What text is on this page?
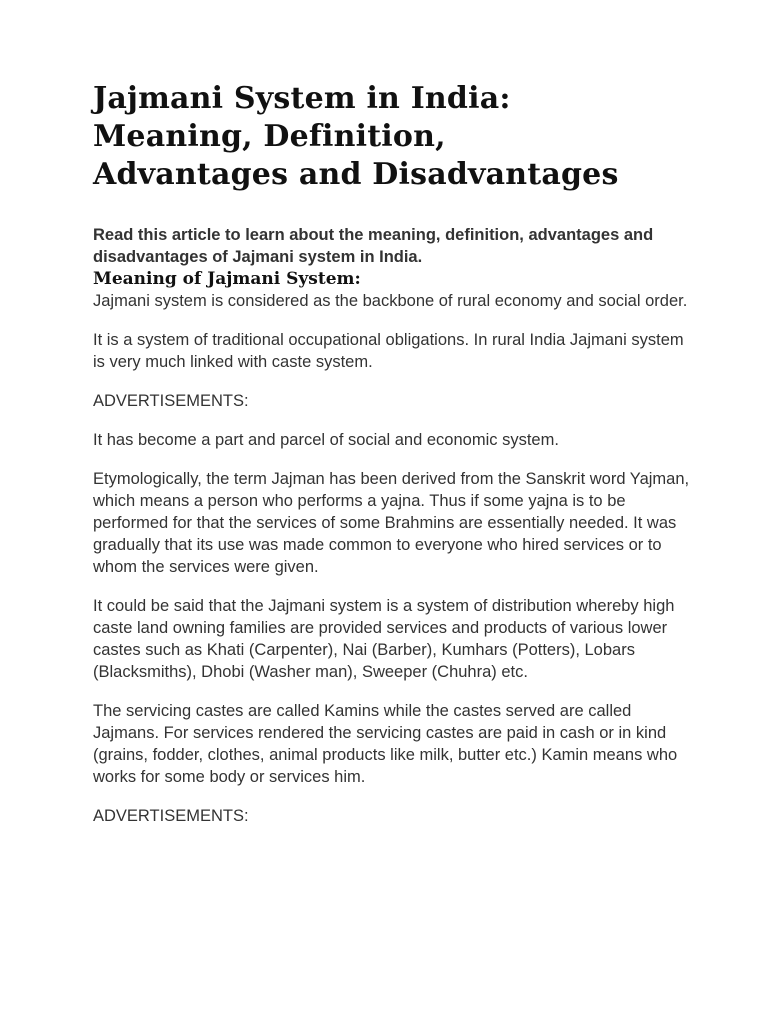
Jajmani System in India:
Meaning, Definition,
Advantages and Disadvantages

Read this article to learn about the meaning, definition, advantages and disadvantages of Jajmani system in India.

Meaning of Jajmani System:

Jajmani system is considered as the backbone of rural economy and social order.

It is a system of traditional occupational obligations. In rural India Jajmani system is very much linked with caste system.

ADVERTISEMENTS:

It has become a part and parcel of social and economic system.

Etymologically, the term Jajman has been derived from the Sanskrit word Yajman, which means a person who performs a yajna. Thus if some yajna is to be performed for that the services of some Brahmins are essentially needed. It was gradually that its use was made common to everyone who hired services or to whom the services were given.

It could be said that the Jajmani system is a system of distribution whereby high caste land owning families are provided services and products of various lower castes such as Khati (Carpenter), Nai (Barber), Kumhars (Potters), Lobars (Blacksmiths), Dhobi (Washer man), Sweeper (Chuhra) etc.

The servicing castes are called Kamins while the castes served are called Jajmans. For services rendered the servicing castes are paid in cash or in kind (grains, fodder, clothes, animal products like milk, butter etc.) Kamin means who works for some body or services him.

ADVERTISEMENTS:
